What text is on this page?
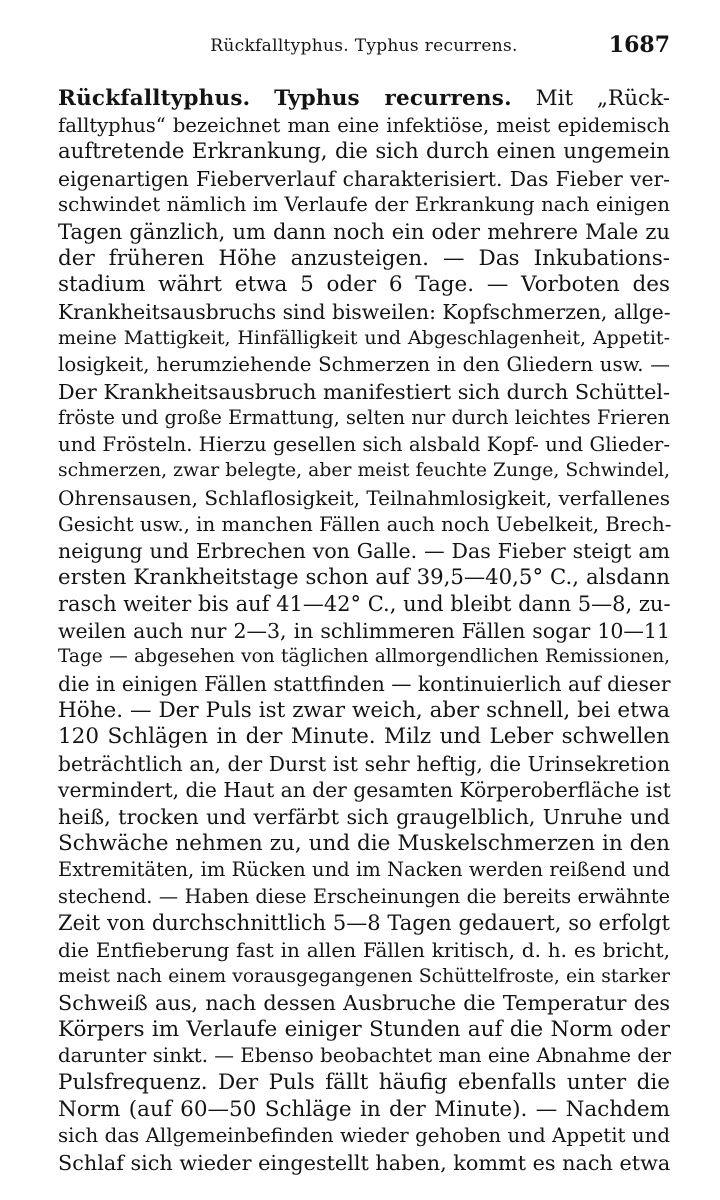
Rückfalltyphus. Typhus recurrens.	1687
Rückfalltyphus. Typhus recurrens. Mit „Rück-
falltyphus“ bezeichnet man eine infektiöse, meist epidemisch
auftretende Erkrankung, die sich durch einen ungemein
eigenartigen Fieberverlauf charakterisiert. Das Fieber ver-
schwindet nämlich im Verlaufe der Erkrankung nach einigen
Tagen gänzlich, um dann noch ein oder mehrere Male zu
der früheren Höhe anzusteigen. — Das Inkubations-
stadium währt etwa 5 oder 6 Tage. — Vorboten des
Krankheitsausbruchs sind bisweilen: Kopfschmerzen, allge-
meine Mattigkeit, Hinfälligkeit und Abgeschlagenheit, Appetit-
losigkeit, herumziehende Schmerzen in den Gliedern usw. —
Der Krankheitsausbruch manifestiert sich durch Schüttel-
fröste und große Ermattung, selten nur durch leichtes Frieren
und Frösteln. Hierzu gesellen sich alsbald Kopf- und Glieder-
schmerzen, zwar belegte, aber meist feuchte Zunge, Schwindel,
Ohrensausen, Schlaflosigkeit, Teilnahmlosigkeit, verfallenes
Gesicht usw., in manchen Fällen auch noch Uebelkeit, Brech-
neigung und Erbrechen von Galle. — Das Fieber steigt am
ersten Krankheitstage schon auf 39,5—40,5° C., alsdann
rasch weiter bis auf 41—42° C., und bleibt dann 5—8, zu-
weilen auch nur 2—3, in schlimmeren Fällen sogar 10—11
Tage — abgesehen von täglichen allmorgendlichen Remissionen,
die in einigen Fällen stattfinden — kontinuierlich auf dieser
Höhe. — Der Puls ist zwar weich, aber schnell, bei etwa
120 Schlägen in der Minute. Milz und Leber schwellen
beträchtlich an, der Durst ist sehr heftig, die Urinsekretion
vermindert, die Haut an der gesamten Körperoberfläche ist
heiß, trocken und verfärbt sich graugelblich, Unruhe und
Schwäche nehmen zu, und die Muskelschmerzen in den
Extremitäten, im Rücken und im Nacken werden reißend und
stechend. — Haben diese Erscheinungen die bereits erwähnte
Zeit von durchschnittlich 5—8 Tagen gedauert, so erfolgt
die Entfieberung fast in allen Fällen kritisch, d. h. es bricht,
meist nach einem vorausgegangenen Schüttelfroste, ein starker
Schweiß aus, nach dessen Ausbruche die Temperatur des
Körpers im Verlaufe einiger Stunden auf die Norm oder
darunter sinkt. — Ebenso beobachtet man eine Abnahme der
Pulsfrequenz. Der Puls fällt häufig ebenfalls unter die
Norm (auf 60—50 Schläge in der Minute). — Nachdem
sich das Allgemeinbefinden wieder gehoben und Appetit und
Schlaf sich wieder eingestellt haben, kommt es nach etwa
